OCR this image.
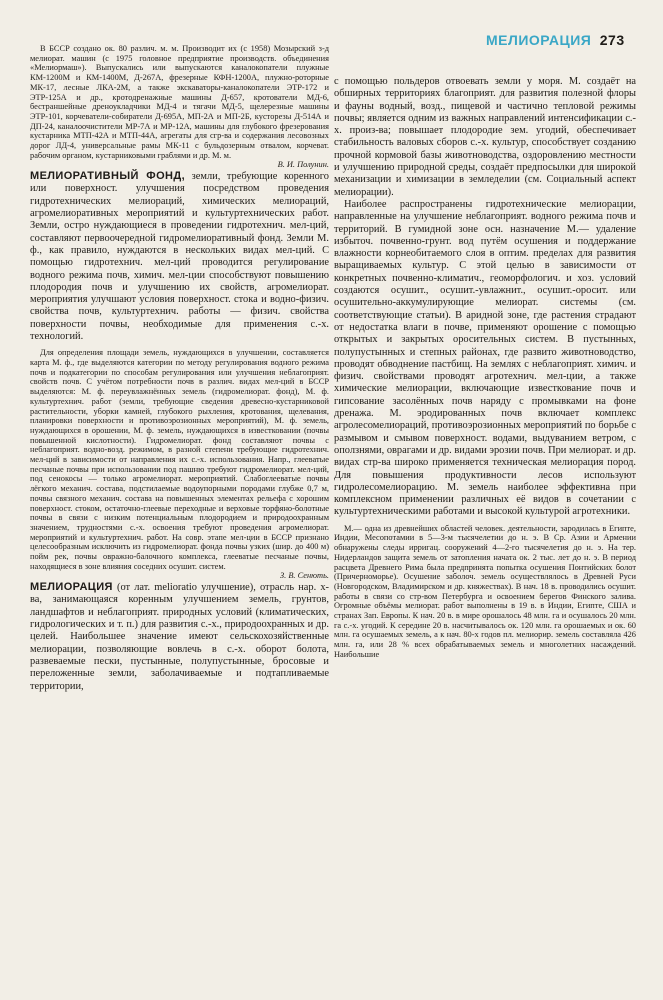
МЕЛИОРАЦИЯ 273

В БССР создано ок. 80 различ. м. м. Производит их (с 1958) Мозырский з-д мелиорат. машин (с 1975 головное предприятие производств. объединения «Мелиормаш»). Выпускались или выпускаются каналокопатели плужные КМ-1200М и КМ-1400М, Д-267А, фрезерные КФН-1200А, плужно-роторные МК-17, лесные ЛКА-2М, а также экскаваторы-каналокопатели ЭТР-172 и ЭТР-125А и др., кротодренажные машины Д-657, кротователи МД-6, бестраншейные дреноукладчики МД-4 и тягачи МД-5, щелерезные машины ЭТР-101, корчеватели-собиратели Д-695А, МП-2А и МП-2Б, кусторезы Д-514А и ДП-24, каналоочистители МР-7А и МР-12А, машины для глубокого фрезерования кустарника МТП-42А и МТП-44А, агрегаты для сгр-ва и содержания лесовозных дорог ЛД-4, универсальные рамы МК-11 с бульдозерным отвалом, корчеват. рабочим органом, кустарниковыми граблями и др. М. м.

В. И. Полунин.

МЕЛИОРАТИВНЫЙ ФОНД, земли, требующие коренного или поверхност. улучшения посредством проведения гидротехнических мелиораций, химических мелиораций, агромелиоративных мероприятий и культуртехнических работ. Земли, остро нуждающиеся в проведении гидротехнич. мел-ций, составляют первоочередной гидромелиоративный фонд. Земли М. ф., как правило, нуждаются в нескольких видах мел-ций. С помощью гидротехнич. мел-ций проводится регулирование водного режима почв, химич. мел-ции способствуют повышению плодородия почв и улучшению их свойств, агромелиорат. мероприятия улучшают условия поверхност. стока и водно-физич. свойства почв, культуртехнич. работы — физич. свойства поверхности почвы, необходимые для применения с.-х. технологий.

Для определения площади земель, нуждающихся в улучшении, составляется карта М. ф., где выделяются категории по методу регулирования водного режима почв и подкатегории по способам регулирования или улучшения неблагоприят. свойств почв. С учётом потребности почв в различ. видах мел-ций в БССР выделяются: М. ф. переувлажнённых земель (гидромелиорат. фонд), М. ф. культуртехнич. работ (земли, требующие сведения древесно-кустарниковой растительности, уборки камней, глубокого рыхления, кротования, щелевания, планировки поверхности и противоэрозионных мероприятий), М. ф. земель, нуждающихся в орошении, М. ф. земель, нуждающихся в известковании (почвы повышенной кислотности). Гидромелиорат. фонд составляют почвы с неблагоприят. водно-возд. режимом, в разной степени требующие гидротехнич. мел-ций в зависимости от направления их с.-х. использования. Напр., глееватые песчаные почвы при использовании под пашню требуют гидромелиорат. мел-ций, под сенокосы — только агромелиорат. мероприятий. Слабоглееватые почвы лёгкого механич. состава, подстилаемые водоупорными породами глубже 0,7 м, почвы связного механич. состава на повышенных элементах рельефа с хорошим поверхност. стоком, остаточно-глеевые переходные и верховые торфяно-болотные почвы в связи с низким потенциальным плодородием и природоохранным значением, трудностями с.-х. освоения требуют проведения агромелиорат. мероприятий и культуртехнич. работ. На совр. этапе мел-ции в БССР признано целесообразным исключить из гидромелиорат. фонда почвы узких (шир. до 400 м) пойм рек, почвы овражно-балочного комплекса, глееватые песчаные почвы, находящиеся в зоне влияния соседних осушит. систем.

З. В. Сенють.

МЕЛИОРАЦИЯ (от лат. melioratio улучшение), отрасль нар. х-ва, занимающаяся коренным улучшением земель, грунтов, ландшафтов и неблагоприят. природных условий (климатических, гидрологических и т. п.) для развития с.-х., природоохранных и др. целей. Наибольшее значение имеют сельскохозяйственные мелиорации, позволяющие вовлечь в с.-х. оборот болота, развеваемые пески, пустынные, полупустынные, бросовые и переложенные земли, заболачиваемые и подтапливаемые территории,

с помощью польдеров отвоевать земли у моря. М. создаёт на обширных территориях благоприят. для развития полезной флоры и фауны водный, возд., пищевой и частично тепловой режимы почвы; является одним из важных направлений интенсификации с.-х. произ-ва; повышает плодородие зем. угодий, обеспечивает стабильность валовых сборов с.-х. культур, способствует созданию прочной кормовой базы животноводства, оздоровлению местности и улучшению природной среды, создаёт предпосылки для широкой механизации и химизации в земледелии (см. Социальный аспект мелиорации).

Наиболее распространены гидротехнические мелиорации, направленные на улучшение неблагоприят. водного режима почв и территорий. В гумидной зоне осн. назначение М.— удаление избыточ. почвенно-грунт. вод путём осушения и поддержание влажности корнеобитаемого слоя в оптим. пределах для развития выращиваемых культур. С этой целью в зависимости от конкретных почвенно-климатич., геоморфологич. и хоз. условий создаются осушит., осушит.-увлажнит., осушит.-оросит. или осушительно-аккумулирующие мелиорат. системы (см. соответствующие статьи). В аридной зоне, где растения страдают от недостатка влаги в почве, применяют орошение с помощью открытых и закрытых оросительных систем. В пустынных, полупустынных и степных районах, где развито животноводство, проводят обводнение пастбищ. На землях с неблагоприят. химич. и физич. свойствами проводят агротехнич. мел-ции, а также химические мелиорации, включающие известкование почв и гипсование засолённых почв наряду с промывками на фоне дренажа. М. эродированных почв включает комплекс агролесомелиораций, противоэрозионных мероприятий по борьбе с размывом и смывом поверхност. водами, выдуванием ветром, с оползнями, оврагами и др. видами эрозии почв. При мелиорат. и др. видах стр-ва широко применяется техническая мелиорация пород. Для повышения продуктивности лесов используют гидролесомелиорацию. М. земель наиболее эффективна при комплексном применении различных её видов в сочетании с культуртехническими работами и высокой культурой агротехники.

М.— одна из древнейших областей человек. деятельности, зародилась в Египте, Индии, Месопотамии в 5—3-м тысячелетии до н. э. В Ср. Азии и Армении обнаружены следы ирригац. сооружений 4—2-го тысячелетия до н. э. На тер. Нидерландов защита земель от затопления начата ок. 2 тыс. лет до н. э. В период расцвета Древнего Рима была предпринята попытка осушения Понтийских болот (Причерноморье). Осушение заболоч. земель осуществлялось в Древней Руси (Новгородском, Владимирском и др. княжествах). В нач. 18 в. проводились осушит. работы в связи со стр-вом Петербурга и освоением берегов Финского залива. Огромные объёмы мелиорат. работ выполнены в 19 в. в Индии, Египте, США и странах Зап. Европы. К нач. 20 в. в мире орошалось 48 млн. га и осушалось 20 млн. га с.-х. угодий. К середине 20 в. насчитывалось ок. 120 млн. га орошаемых и ок. 60 млн. га осушаемых земель, а к нач. 80-х годов пл. мелиорир. земель составляла 426 млн. га, или 28 % всех обрабатываемых земель и многолетних насаждений. Наибольшие
